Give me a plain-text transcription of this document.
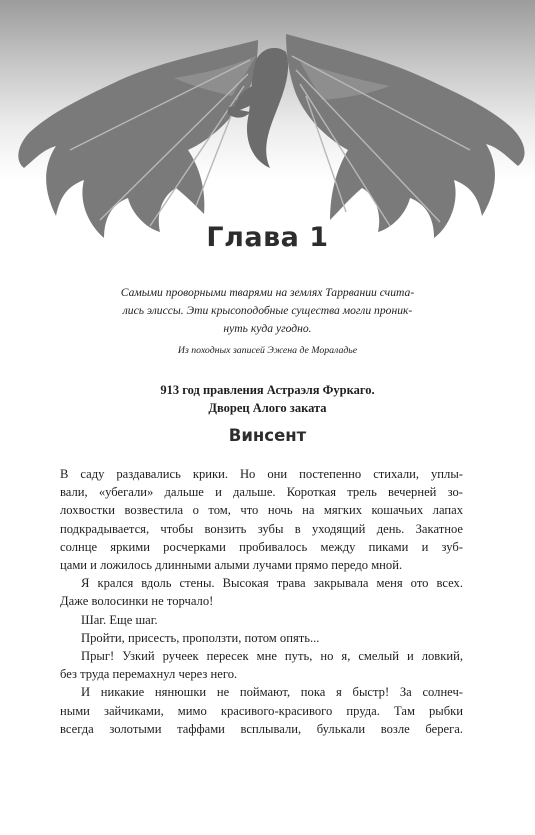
Глава 1

Самыми проворными тварями на землях Таррвании счита-

лись элиссы. Эти крысоподобные существа могли проник-

нуть куда угодно.

Из походных записей Эжена де Мораладье

913 год правления Астраэля Фуркаго.

Дворец Алого заката

Винсент
В саду раздавались крики. Но они постепенно стихали, уплы-
вали, «убегали» дальше и дальше. Короткая трель вечерней зо-
лохвостки возвестила о том, что ночь на мягких кошачьих лапах
подкрадывается, чтобы вонзить зубы в уходящий день. Закатное
солнце яркими росчерками пробивалось между пиками и зуб-
цами и ложилось длинными алыми лучами прямо передо мной.
Я крался вдоль стены. Высокая трава закрывала меня ото всех.
Даже волосинки не торчало!
Шаг. Еще шаг.
Пройти, присесть, проползти, потом опять...
Прыг! Узкий ручеек пересек мне путь, но я, смелый и ловкий,
без труда перемахнул через него.
И никакие нянюшки не поймают, пока я быстр! За солнеч-
ными зайчиками, мимо красивого-красивого пруда. Там рыбки
всегда золотыми таффами всплывали, булькали возле берега.
